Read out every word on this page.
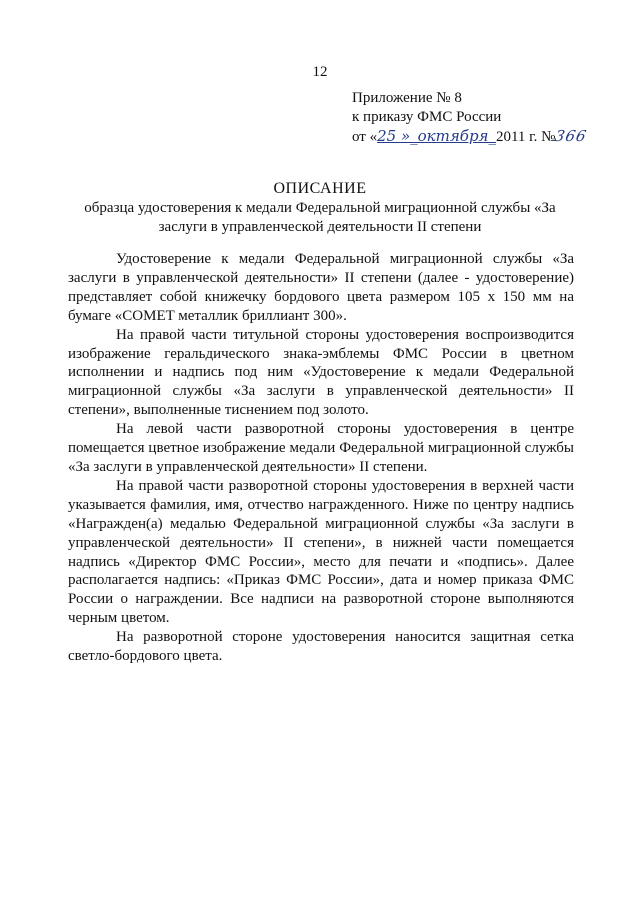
12
Приложение № 8
к приказу ФМС России
от «25 »_октября_2011 г. №366
ОПИСАНИЕ
образца удостоверения к медали Федеральной миграционной службы «За заслуги в управленческой деятельности II степени

Удостоверение к медали Федеральной миграционной службы «За заслуги в управленческой деятельности» II степени (далее - удостоверение) представляет собой книжечку бордового цвета размером 105 х 150 мм на бумаге «COMET металлик бриллиант 300».

На правой части титульной стороны удостоверения воспроизводится изображение геральдического знака-эмблемы ФМС России в цветном исполнении и надпись под ним «Удостоверение к медали Федеральной миграционной службы «За заслуги в управленческой деятельности» II степени», выполненные тиснением под золото.

На левой части разворотной стороны удостоверения в центре помещается цветное изображение медали Федеральной миграционной службы «За заслуги в управленческой деятельности» II степени.

На правой части разворотной стороны удостоверения в верхней части указывается фамилия, имя, отчество награжденного. Ниже по центру надпись «Награжден(а) медалью Федеральной миграционной службы «За заслуги в управленческой деятельности» II степени», в нижней части помещается надпись «Директор ФМС России», место для печати и «подпись». Далее располагается надпись: «Приказ ФМС России», дата и номер приказа ФМС России о награждении. Все надписи на разворотной стороне выполняются черным цветом.

На разворотной стороне удостоверения наносится защитная сетка светло-бордового цвета.
